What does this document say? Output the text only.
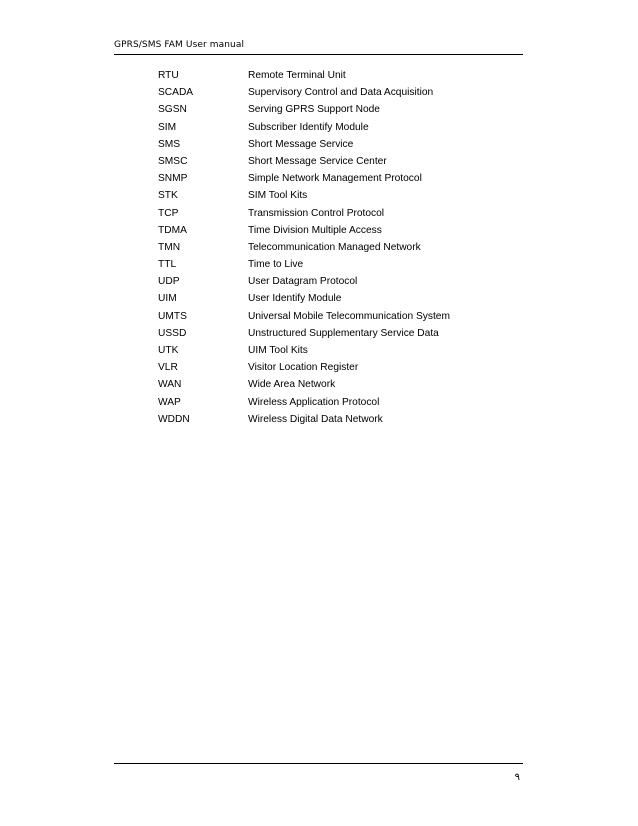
GPRS/SMS FAM User manual
RTU	Remote Terminal Unit
SCADA	Supervisory Control and Data Acquisition
SGSN	Serving GPRS Support Node
SIM	Subscriber Identify Module
SMS	Short Message Service
SMSC	Short Message Service Center
SNMP	Simple Network Management Protocol
STK	SIM Tool Kits
TCP	Transmission Control Protocol
TDMA	Time Division Multiple Access
TMN	Telecommunication Managed Network
TTL	Time to Live
UDP	User Datagram Protocol
UIM	User Identify Module
UMTS	Universal Mobile Telecommunication System
USSD	Unstructured Supplementary Service Data
UTK	UIM Tool Kits
VLR	Visitor Location Register
WAN	Wide Area Network
WAP	Wireless Application Protocol
WDDN	Wireless Digital Data Network
٩
